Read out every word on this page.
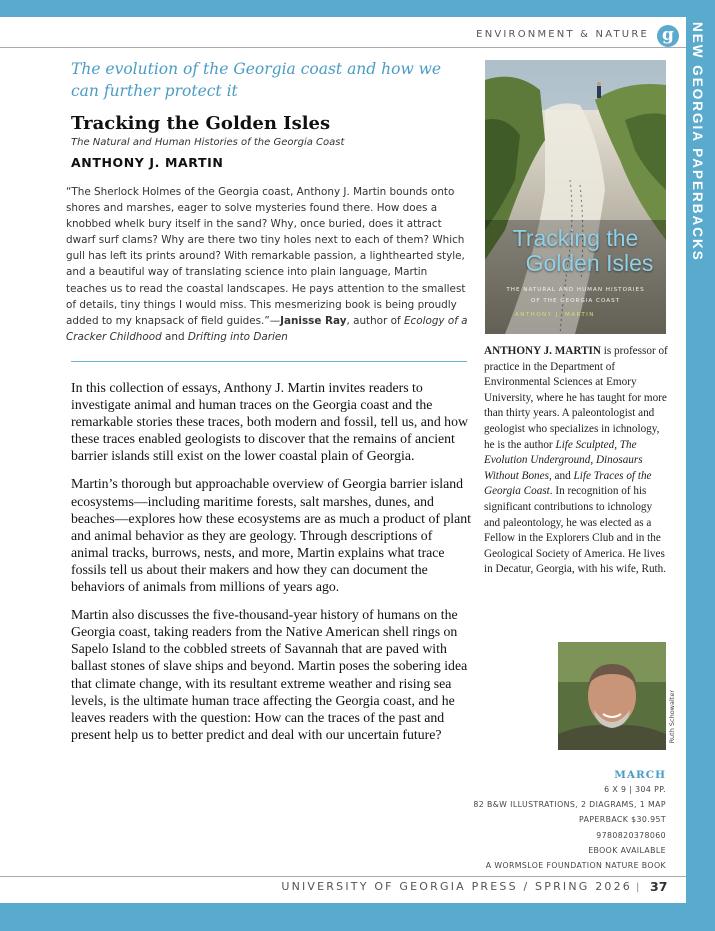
NEW GEORGIA PAPERBACKS
ENVIRONMENT & NATURE g
The evolution of the Georgia coast and how we can further protect it
Tracking the Golden Isles
The Natural and Human Histories of the Georgia Coast
ANTHONY J. MARTIN
“The Sherlock Holmes of the Georgia coast, Anthony J. Martin bounds onto shores and marshes, eager to solve mysteries found there. How does a knobbed whelk bury itself in the sand? Why, once buried, does it attract dwarf surf clams? Why are there two tiny holes next to each of them? Which gull has left its prints around? With remarkable passion, a lighthearted style, and a beautiful way of translating science into plain language, Martin teaches us to read the coastal landscapes. He pays attention to the smallest of details, tiny things I would miss. This mesmerizing book is being proudly added to my knapsack of field guides.”—Janisse Ray, author of Ecology of a Cracker Childhood and Drifting into Darien

In this collection of essays, Anthony J. Martin invites readers to investigate animal and human traces on the Georgia coast and the remarkable stories these traces, both modern and fossil, tell us, and how these traces enabled geologists to discover that the remains of ancient barrier islands still exist on the lower coastal plain of Georgia.

Martin’s thorough but approachable overview of Georgia barrier island ecosystems—including maritime forests, salt marshes, dunes, and beaches—explores how these ecosystems are as much a product of plant and animal behavior as they are geology. Through descriptions of animal tracks, burrows, nests, and more, Martin explains what trace fossils tell us about their makers and how they can document the behaviors of animals from millions of years ago.

Martin also discusses the five-thousand-year history of humans on the Georgia coast, taking readers from the Native American shell rings on Sapelo Island to the cobbled streets of Savannah that are paved with ballast stones of slave ships and beyond. Martin poses the sobering idea that climate change, with its resultant extreme weather and rising sea levels, is the ultimate human trace affecting the Georgia coast, and he leaves readers with the question: How can the traces of the past and present help us to better predict and deal with our uncertain future?

Tracking the
Golden Isles
THE NATURAL AND HUMAN HISTORIES
OF THE GEORGIA COAST
ANTHONY J. MARTIN
ANTHONY J. MARTIN is professor of practice in the Department of Environmental Sciences at Emory University, where he has taught for more than thirty years. A paleontologist and geologist who specializes in ichnology, he is the author Life Sculpted, The Evolution Underground, Dinosaurs Without Bones, and Life Traces of the Georgia Coast. In recognition of his significant contributions to ichnology and paleontology, he was elected as a Fellow in the Explorers Club and in the Geological Society of America. He lives in Decatur, Georgia, with his wife, Ruth.
Ruth Schowalter
MARCH
6 X 9 | 304 PP.
82 B&W ILLUSTRATIONS, 2 DIAGRAMS, 1 MAP
PAPERBACK $30.95T
9780820378060
EBOOK AVAILABLE
A WORMSLOE FOUNDATION NATURE BOOK
UNIVERSITY OF GEORGIA PRESS / SPRING 2026 | 37
